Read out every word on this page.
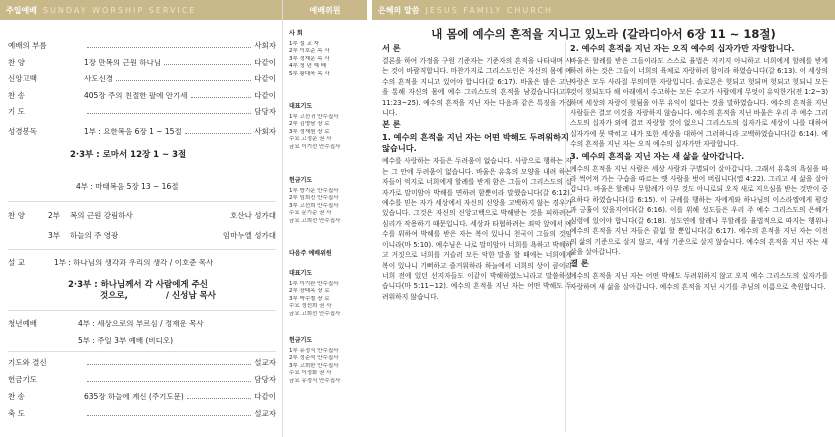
주일예배 SUNDAY WORSHIP SERVICE
예배의 부름	사회자
찬 양	1장 만복의 근원 하나님	다같이
신앙고백	사도신경	다같이
찬 송	405장 주의 친절한 팔에 안기세	다같이
기 도	담당자
성경봉독	1부 : 요한복음 6장 1 ~ 15절	사회자
2·3부 : 로마서 12장 1 ~ 3절
4부 : 마태복음 5장 13 ~ 16절
찬 양	2부	복의 근원 강림하사	호산나 성가대
3부	하늘의 주 영광	임마누엘 성가대
설 교	1부 : 하나님의 생각과 우리의 생각 / 이호준 목사
2·3부 : 하나님께서 각 사람에게 주신
것으로,	/ 신성남 목사
청년예배	4부 : 세상으로의 부르심 / 정재운 목사
5부 : 주일 3부 예배 (비디오)
기도와 결신	설교자
헌금기도	담당자
찬 송	635장 하늘에 계신 (주기도문)	다같이
축 도	설교자
예배위원
사 회
1부 설 교 자
2부 이호준 목 사
3부 정재운 목 사
4부 청 년 예 배
5부 황대욱 목 사
대표기도
1부 고선귀 안수집사
2부 김명남 장 로
3부 정재원 장 로
수요 고정운 권 사
금요 이기선 안수집사
헌금기도
1부 방기운 안수집사
2부 임희진 안수집사
3부 고선희 안수집사
수요 문기순 권 사
금요 고희선 안수집사
다음주 예배위원
대표기도
1부 이기완 안수집사
2부 장태옥 장 로
3부 박수철 장 로
수요 정선희 권 사
금요 고희선 안수집사
헌금기도
1부 유정식 안수집사
2부 정준석 안수집사
3부 고희한 안수집사
수요 이정화 권 사
금요 유정식 안수집사
은혜의 말씀 JESUS FAMILY CHURCH
내 몸에 예수의 흔적을 지니고 있노라 (갈라디아서 6장 11 ~ 18절)
서 론

결론을 하여 가정을 구원 기준자는 기준자의 흔적을 나타내며 사는 것이 바람직합니다. 마찬가지로 그리스도인은 자신의 몸에 예수의 흔적을 지니고 있어야 합니다(갈 6:17). 바울은 많은 고난을 통해 자신의 몸에 예수 그리스도의 흔적을 남겼습니다(고후 11:23~25). 예수의 흔적을 지닌 자는 다음과 같은 특징을 가집니다.

본 론
1. 예수의 흔적을 지닌 자는 어떤 박해도 두려워하지 않습니다.

예수를 사랑하는 자들은 두려움이 없습니다. 사랑으로 행하는 자는 그 안에 두려움이 없습니다. 바울은 유혹의 모양을 내려 하는 자들이 억지로 너희에게 할례를 받게 함은 그들이 그리스도의 십자가로 말미암아 박해를 면하려 함뿐이라 말했습니다(갈 6:12). 예수를 믿는 자가 세상에서 자신의 신앙을 고백하지 않는 경우가 있습니다. 그것은 자신의 신앙고백으로 박해받는 것을 피하려는 심리가 작용하기 때문입니다. 세상과 타협하려는 죄악 앞에서 예수를 위하여 박해를 받은 자는 복이 있나니 천국이 그들의 것임이니라(마 5:10). 예수님은 나로 말미암아 너희를 욕하고 박해하고 거짓으로 너희를 거슬러 모든 악한 말을 할 때에는 너희에게 복이 있나니 기뻐하고 즐거워하라 하늘에서 너희의 상이 큼이라 너희 전에 있던 선지자들도 이같이 박해하였느니라고 말씀하셨습니다(마 5:11~12). 예수의 흔적을 지닌 자는 어떤 박해도 두려워하지 않습니다.

2. 예수의 흔적을 지닌 자는 오직 예수의 십자가만 자랑합니다.

바울은 할례를 받은 그들이라도 스스로 율법은 지키지 아니하고 너희에게 할례를 받게 하려 하는 것은 그들이 너희의 육체로 자랑하려 함이라 하였습니다(갈 6:13). 이 세상의 자랑은 모두 사라질 무의미한 자랑입니다. 솔로몬은 헛되고 헛되며 헛되고 헛되니 모든 것이 헛되도다 해 아래에서 수고하는 모든 수고가 사람에게 무엇이 유익한가(전 1:2~3)하며 세상의 자랑이 헛됨을 아무 유익이 없다는 것을 말하였습니다. 예수의 흔적을 지닌 사람들은 결코 이것을 자랑하지 않습니다. 예수의 흔적을 지닌 바울은 우리 주 예수 그리스도의 십자가 외에 결코 자랑할 것이 없으니 그리스도의 십자가로 세상이 나를 대하여 십자가에 못 박히고 내가 또한 세상을 대하여 그러하니라 고백하였습니다(갈 6:14). 예수의 흔적을 지닌 자는 오직 예수의 십자가만 자랑합니다.

3. 예수의 흔적을 지닌 자는 새 삶을 살아갑니다.

예수의 흔적을 지닌 사람은 세상 사람과 구별되어 살아갑니다. 그래서 유혹의 욕심을 따라 썩어져 가는 구습을 따르는 옛 사람을 벗어 버립니다(엡 4:22). 그리고 새 삶을 살아갑니다. 바울은 할례나 무할례가 아무 것도 아니로되 오직 새로 지으심을 받는 것만이 중요하다 하였습니다(갈 6:15). 이 규례를 행하는 자에게와 하나님의 이스라엘에게 평강과 긍휼이 있을지어다(갈 6:16). 이를 위해 성도들은 우리 주 예수 그리스도의 은혜가 심령에 있어야 합니다(갈 6:18). 성도연에 할례나 무할례를 율법적으로 따지는 행위나 예수의 흔적을 지닌 자들은 끝없 할 뿐입니다(갈 6:17). 예수의 흔적을 지닌 자는 이전의 삶의 기준으로 살지 않고, 새성 기준으로 살지 않습니다. 예수의 흔적을 지닌 자는 새 삶을 살아갑니다.

결 론

예수의 흔적을 지닌 자는 어떤 박해도 두려워하지 않고 오직 예수 그리스도의 십자가를 자랑하며 새 삶을 살아갑니다. 예수의 흔적을 지닌 시기를 주님의 이름으로 축원합니다.
